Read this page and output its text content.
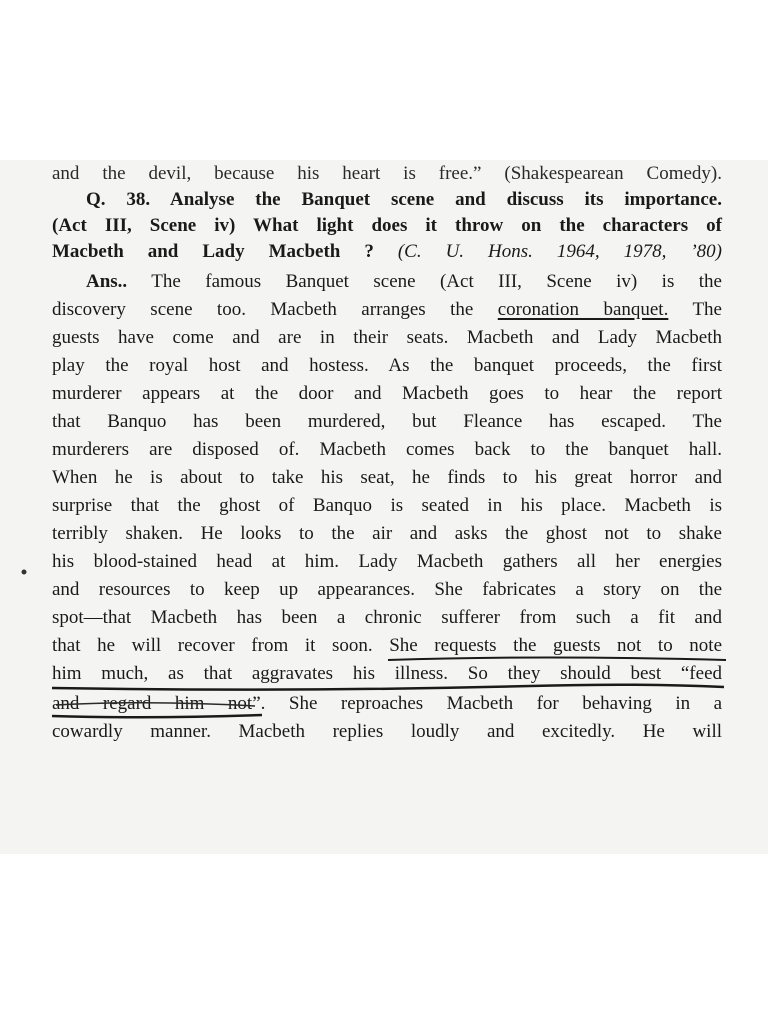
and the devil, because his heart is free.” (Shakespearean Comedy).
Q. 38. Analyse the Banquet scene and discuss its importance.
(Act III, Scene iv) What light does it throw on the characters of
Macbeth and Lady Macbeth ? (C. U. Hons. 1964, 1978, ’80)
Ans.. The famous Banquet scene (Act III, Scene iv) is the
discovery scene too. Macbeth arranges the coronation banquet. The
guests have come and are in their seats. Macbeth and Lady Macbeth
play the royal host and hostess. As the banquet proceeds, the first
murderer appears at the door and Macbeth goes to hear the report
that Banquo has been murdered, but Fleance has escaped. The
murderers are disposed of. Macbeth comes back to the banquet hall.
When he is about to take his seat, he finds to his great horror and
surprise that the ghost of Banquo is seated in his place. Macbeth is
terribly shaken. He looks to the air and asks the ghost not to shake
his blood-stained head at him. Lady Macbeth gathers all her energies
and resources to keep up appearances. She fabricates a story on the
spot—that Macbeth has been a chronic sufferer from such a fit and
that he will recover from it soon. She requests the guests not to note
him much, as that aggravates his illness. So they should best “feed
and regard him not”. She reproaches Macbeth for behaving in a
cowardly manner. Macbeth replies loudly and excitedly. He will
